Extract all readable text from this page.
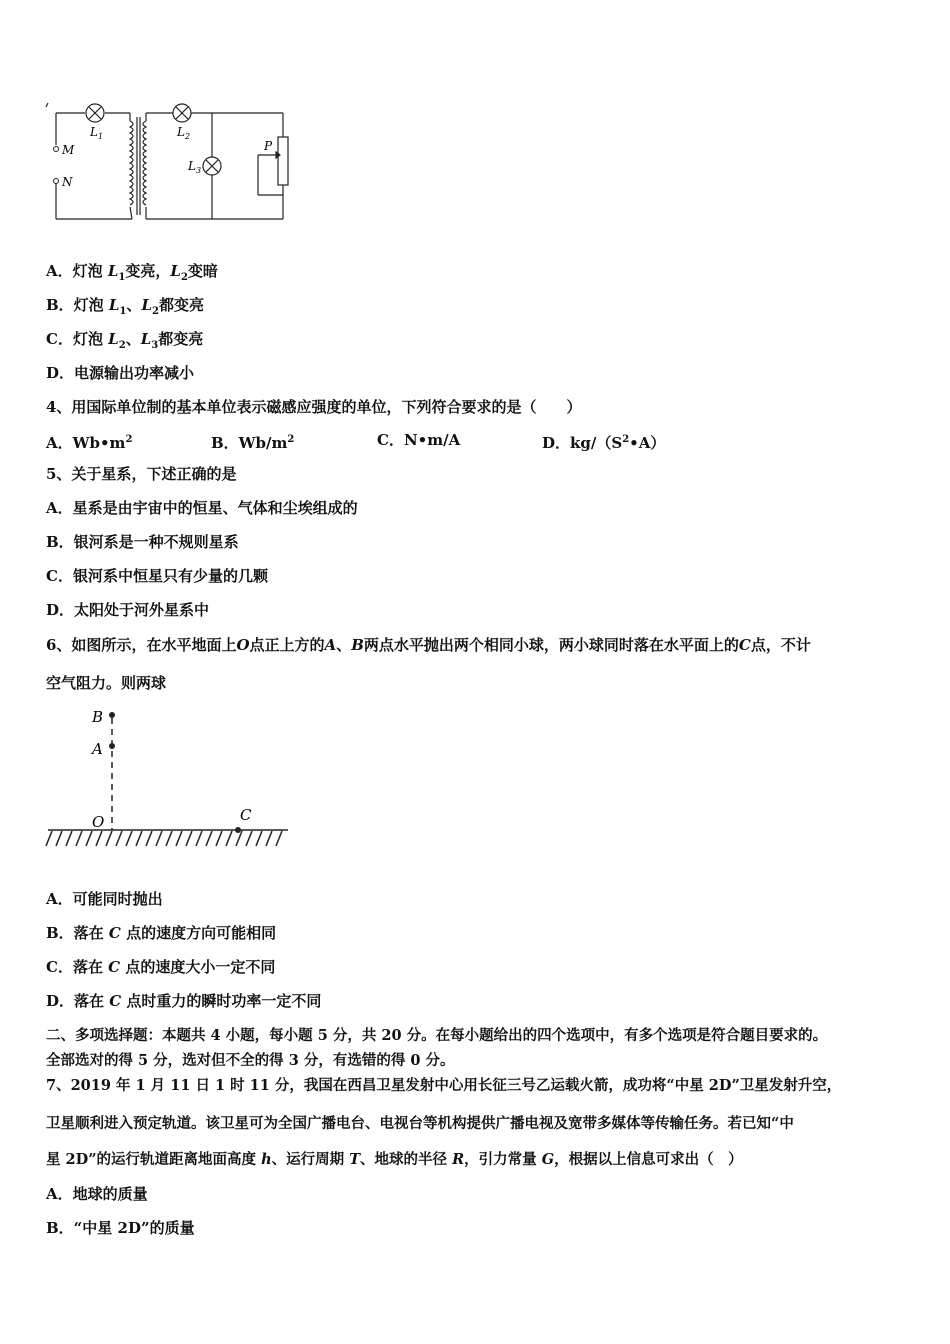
M
N
$L_1$	$L_2$
$L_3$
P
A．灯泡 $L_1$变亮，$L_2$变暗
B．灯泡 $L_1$、$L_2$都变亮
C．灯泡 $L_2$、$L_3$都变亮
D．电源输出功率减小
4、用国际单位制的基本单位表示磁感应强度的单位，下列符合要求的是（　　）
A．$Wb•m^2$	B．$Wb/m^2$	C．N•m/A	D．$kg/(S^2•A)$
5、关于星系，下述正确的是
A．星系是由宇宙中的恒星、气体和尘埃组成的
B．银河系是一种不规则星系
C．银河系中恒星只有少量的几颗
D．太阳处于河外星系中
6、如图所示，在水平地面上O点正上方的A、B两点水平抛出两个相同小球，两小球同时落在水平面上的C点，不计
空气阻力。则两球
B
A
O	C
A．可能同时抛出
B．落在 C 点的速度方向可能相同
C．落在 C 点的速度大小一定不同
D．落在 C 点时重力的瞬时功率一定不同
二、多项选择题：本题共 4 小题，每小题 5 分，共 20 分。在每小题给出的四个选项中，有多个选项是符合题目要求的。
全部选对的得 5 分，选对但不全的得 3 分，有选错的得 0 分。
7、2019 年 1 月 11 日 1 时 11 分，我国在西昌卫星发射中心用长征三号乙运载火箭，成功将“中星 2D”卫星发射升空，
卫星顺利进入预定轨道。该卫星可为全国广播电台、电视台等机构提供广播电视及宽带多媒体等传输任务。若已知“中
星 2D”的运行轨道距离地面高度 h、运行周期 T、地球的半径 R，引力常量 G，根据以上信息可求出（　）
A．地球的质量
B．“中星 2D”的质量
